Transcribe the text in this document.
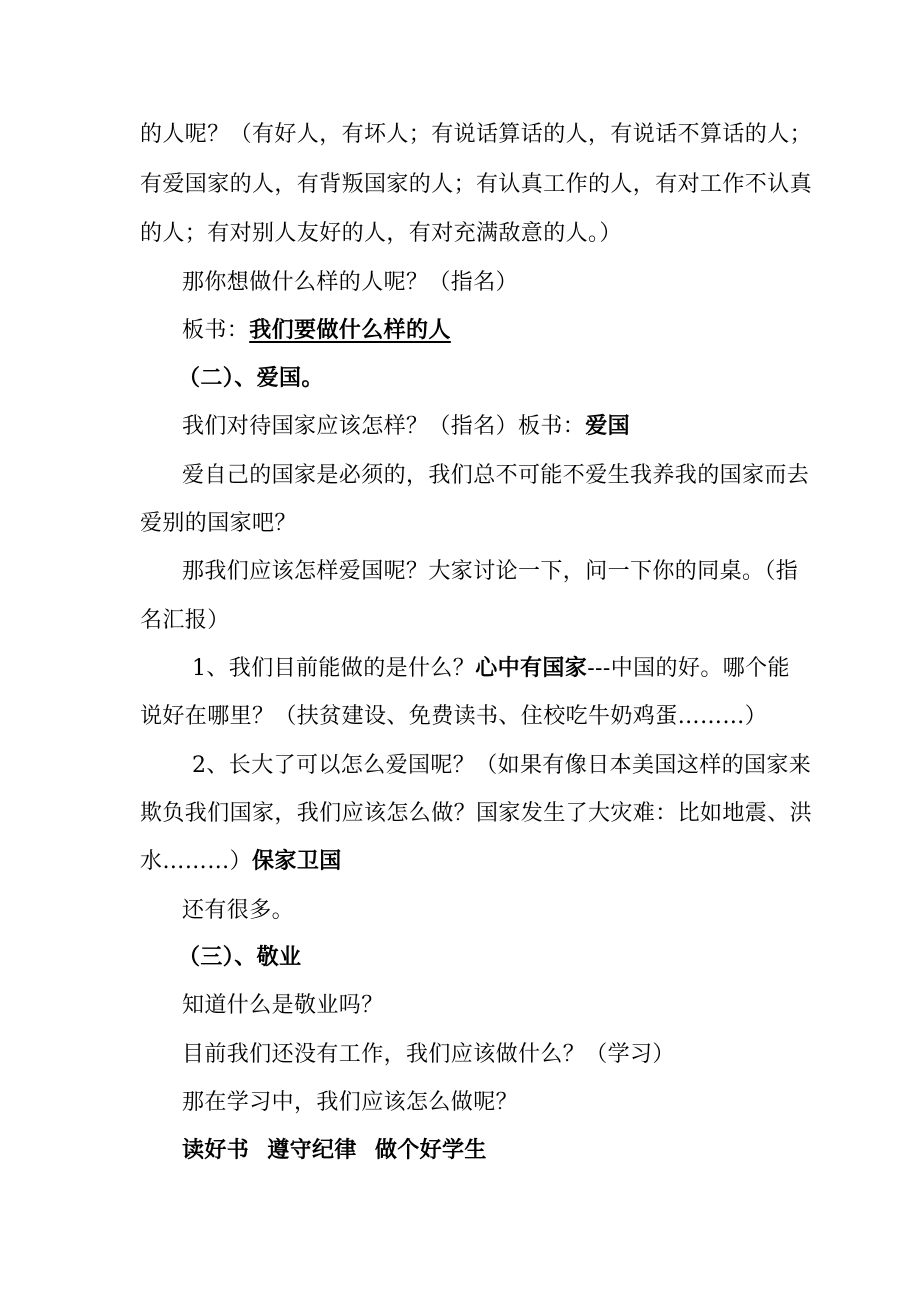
的人呢？（有好人，有坏人；有说话算话的人，有说话不算话的人；
有爱国家的人，有背叛国家的人；有认真工作的人，有对工作不认真
的人；有对别人友好的人，有对充满敌意的人。）
那你想做什么样的人呢？（指名）
板书：我们要做什么样的人
（二）、爱国。
我们对待国家应该怎样？（指名）板书：爱国
爱自己的国家是必须的，我们总不可能不爱生我养我的国家而去
爱别的国家吧？
那我们应该怎样爱国呢？大家讨论一下，问一下你的同桌。（指
名汇报）
1、我们目前能做的是什么？心中有国家---中国的好。哪个能
说好在哪里？（扶贫建设、免费读书、住校吃牛奶鸡蛋………）
2、长大了可以怎么爱国呢？（如果有像日本美国这样的国家来
欺负我们国家，我们应该怎么做？国家发生了大灾难：比如地震、洪
水………）保家卫国
还有很多。
（三）、敬业
知道什么是敬业吗？
目前我们还没有工作，我们应该做什么？（学习）
那在学习中，我们应该怎么做呢？
读好书 遵守纪律 做个好学生
